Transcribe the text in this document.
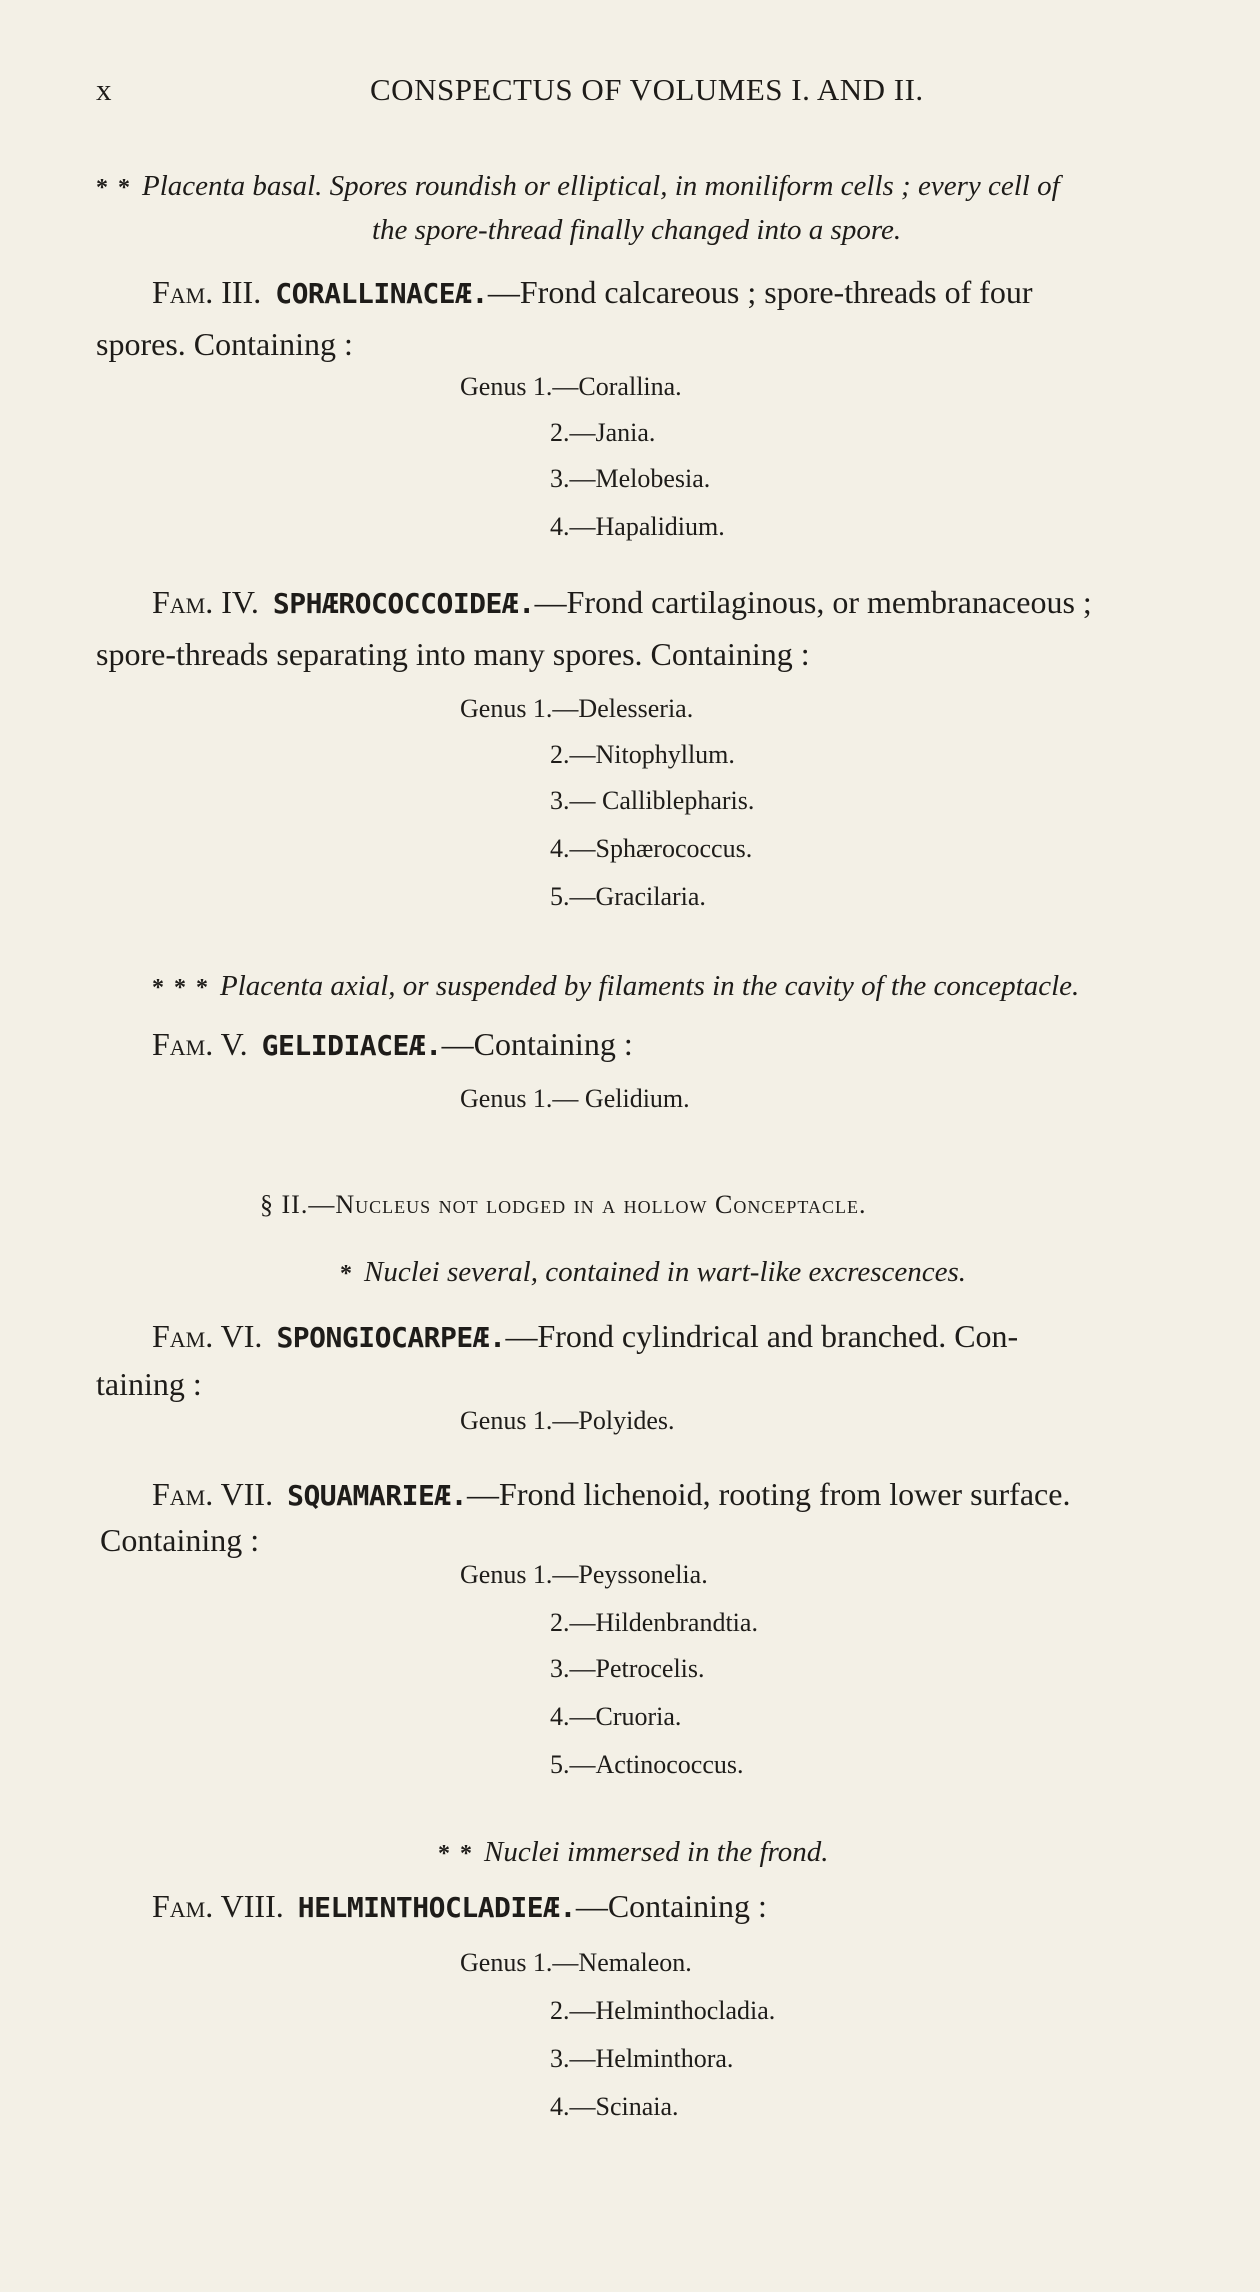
x	CONSPECTUS OF VOLUMES I. AND II.
* * Placenta basal. Spores roundish or elliptical, in moniliform cells ; every cell of
the spore-thread finally changed into a spore.
Fam. III. CORALLINACEÆ.—Frond calcareous ; spore-threads of four
spores. Containing :
Genus 1.—Corallina.
2.—Jania.
3.—Melobesia.
4.—Hapalidium.
Fam. IV. SPHÆROCOCCOIDEÆ.—Frond cartilaginous, or membranaceous ;
spore-threads separating into many spores. Containing :
Genus 1.—Delesseria.
2.—Nitophyllum.
3.— Calliblepharis.
4.—Sphærococcus.
5.—Gracilaria.
* * * Placenta axial, or suspended by filaments in the cavity of the conceptacle.
Fam. V. GELIDIACEÆ.—Containing :
Genus 1.— Gelidium.
§ II.—Nucleus not lodged in a hollow Conceptacle.
* Nuclei several, contained in wart-like excrescences.
Fam. VI. SPONGIOCARPEÆ.—Frond cylindrical and branched. Con-
taining :
Genus 1.—Polyides.
Fam. VII. SQUAMARIEÆ.—Frond lichenoid, rooting from lower surface.
Containing :
Genus 1.—Peyssonelia.
2.—Hildenbrandtia.
3.—Petrocelis.
4.—Cruoria.
5.—Actinococcus.
* * Nuclei immersed in the frond.
Fam. VIII. HELMINTHOCLADIEÆ.—Containing :
Genus 1.—Nemaleon.
2.—Helminthocladia.
3.—Helminthora.
4.—Scinaia.
